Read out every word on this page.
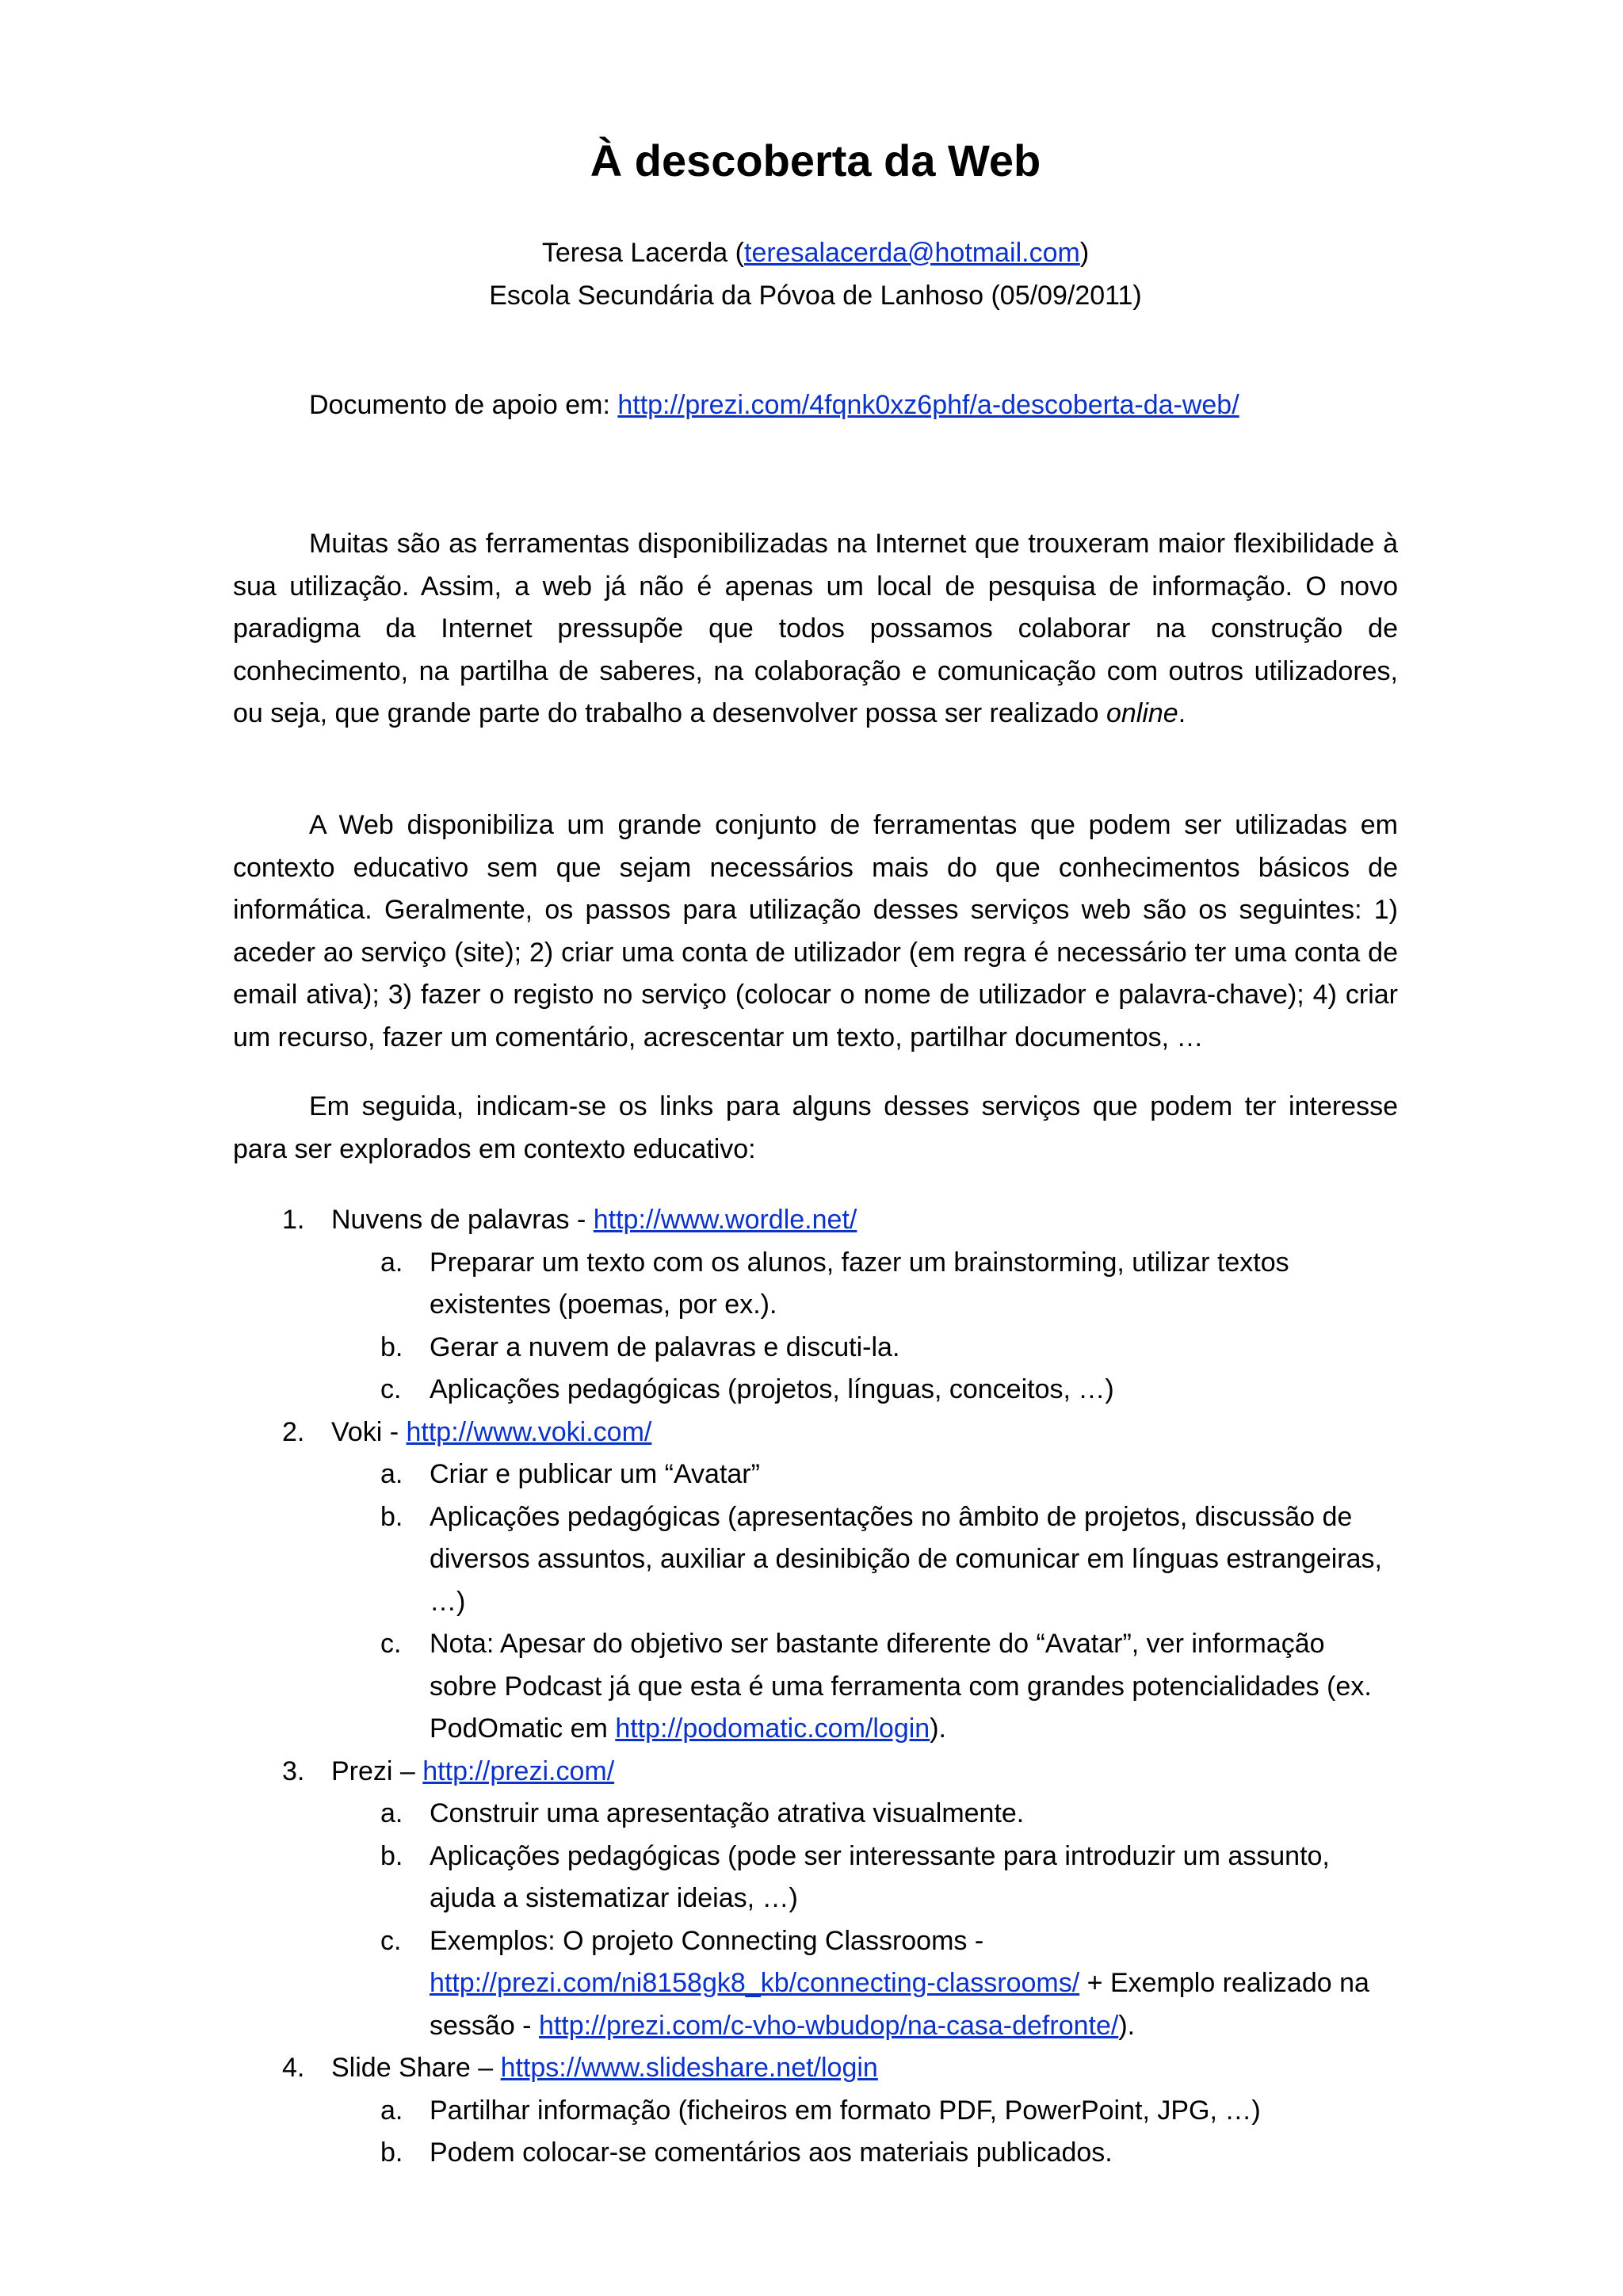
À descoberta da Web
Teresa Lacerda (teresalacerda@hotmail.com)
Escola Secundária da Póvoa de Lanhoso (05/09/2011)
Documento de apoio em: http://prezi.com/4fqnk0xz6phf/a-descoberta-da-web/

Muitas são as ferramentas disponibilizadas na Internet que trouxeram maior flexibilidade à sua utilização. Assim, a web já não é apenas um local de pesquisa de informação. O novo paradigma da Internet pressupõe que todos possamos colaborar na construção de conhecimento, na partilha de saberes, na colaboração e comunicação com outros utilizadores, ou seja, que grande parte do trabalho a desenvolver possa ser realizado online.

A Web disponibiliza um grande conjunto de ferramentas que podem ser utilizadas em contexto educativo sem que sejam necessários mais do que conhecimentos básicos de informática. Geralmente, os passos para utilização desses serviços web são os seguintes: 1) aceder ao serviço (site); 2) criar uma conta de utilizador (em regra é necessário ter uma conta de email ativa); 3) fazer o registo no serviço (colocar o nome de utilizador e palavra-chave); 4) criar um recurso, fazer um comentário, acrescentar um texto, partilhar documentos, …

Em seguida, indicam-se os links para alguns desses serviços que podem ter interesse para ser explorados em contexto educativo:

1. Nuvens de palavras - http://www.wordle.net/
a. Preparar um texto com os alunos, fazer um brainstorming, utilizar textos existentes (poemas, por ex.).
b. Gerar a nuvem de palavras e discuti-la.
c. Aplicações pedagógicas (projetos, línguas, conceitos, …)
2. Voki - http://www.voki.com/
a. Criar e publicar um “Avatar”
b. Aplicações pedagógicas (apresentações no âmbito de projetos, discussão de diversos assuntos, auxiliar a desinibição de comunicar em línguas estrangeiras, …)
c. Nota: Apesar do objetivo ser bastante diferente do “Avatar”, ver informação sobre Podcast já que esta é uma ferramenta com grandes potencialidades (ex. PodOmatic em http://podomatic.com/login).
3. Prezi – http://prezi.com/
a. Construir uma apresentação atrativa visualmente.
b. Aplicações pedagógicas (pode ser interessante para introduzir um assunto, ajuda a sistematizar ideias, …)
c. Exemplos: O projeto Connecting Classrooms -
http://prezi.com/ni8158gk8_kb/connecting-classrooms/ + Exemplo realizado na sessão - http://prezi.com/c-vho-wbudop/na-casa-defronte/).
4. Slide Share – https://www.slideshare.net/login
a. Partilhar informação (ficheiros em formato PDF, PowerPoint, JPG, …)
b. Podem colocar-se comentários aos materiais publicados.
